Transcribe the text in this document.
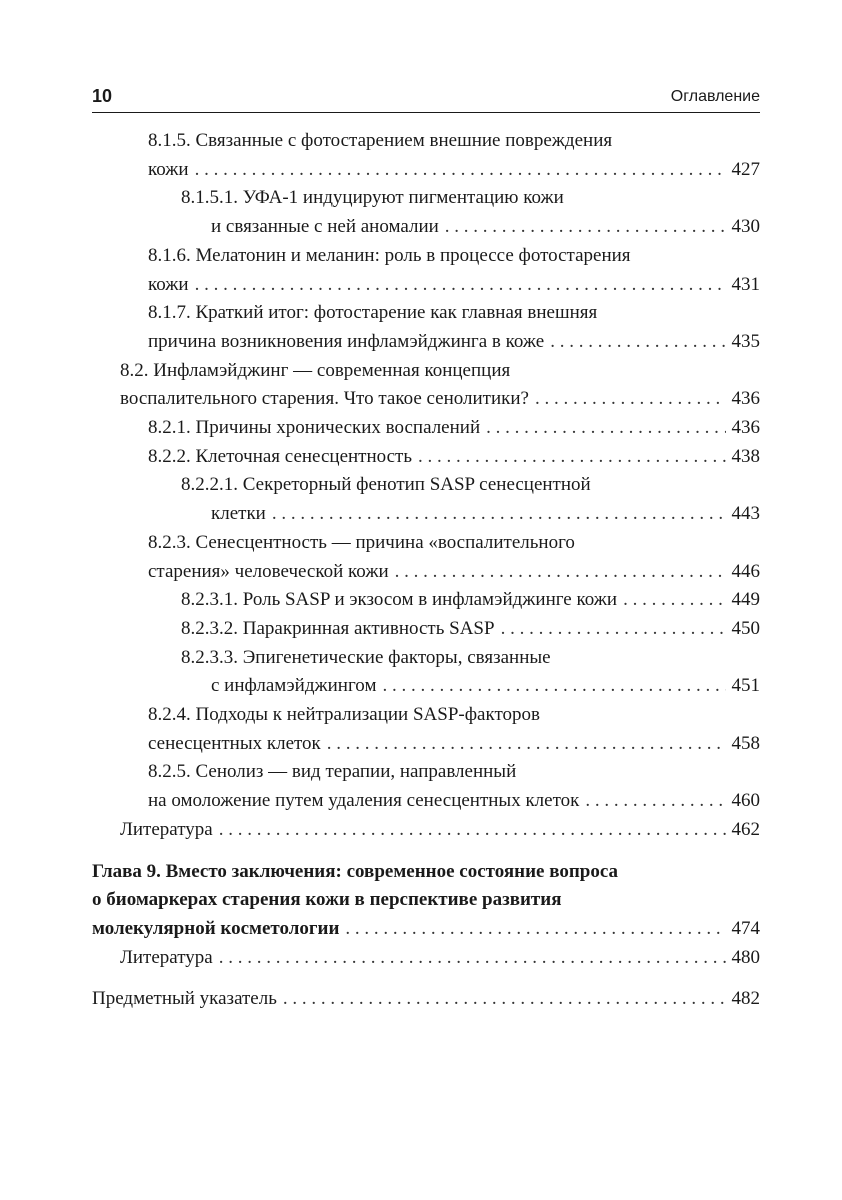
10	Оглавление
8.1.5. Связанные с фотостарением внешние повреждения
кожи . . .	427
8.1.5.1. УФА-1 индуцируют пигментацию кожи
и связанные с ней аномалии . . .	430
8.1.6. Мелатонин и меланин: роль в процессе фотостарения
кожи . . .	431
8.1.7. Краткий итог: фотостарение как главная внешняя
причина возникновения инфламэйджинга в коже . . .	435
8.2. Инфламэйджинг — современная концепция
воспалительного старения. Что такое сенолитики? . . .	436
8.2.1. Причины хронических воспалений . . .	436
8.2.2. Клеточная сенесцентность . . .	438
8.2.2.1. Секреторный фенотип SASP сенесцентной
клетки . . .	443
8.2.3. Сенесцентность — причина «воспалительного
старения» человеческой кожи . . .	446
8.2.3.1. Роль SASP и экзосом в инфламэйджинге кожи . . .	449
8.2.3.2. Паракринная активность SASP . . .	450
8.2.3.3. Эпигенетические факторы, связанные
с инфламэйджингом . . .	451
8.2.4. Подходы к нейтрализации SASP-факторов
сенесцентных клеток . . .	458
8.2.5. Сенолиз — вид терапии, направленный
на омоложение путем удаления сенесцентных клеток . . .	460
Литература . . .	462
Глава 9. Вместо заключения: современное состояние вопроса
о биомаркерах старения кожи в перспективе развития
молекулярной косметологии . . .	474
Литература . . .	480
Предметный указатель . . .	482
